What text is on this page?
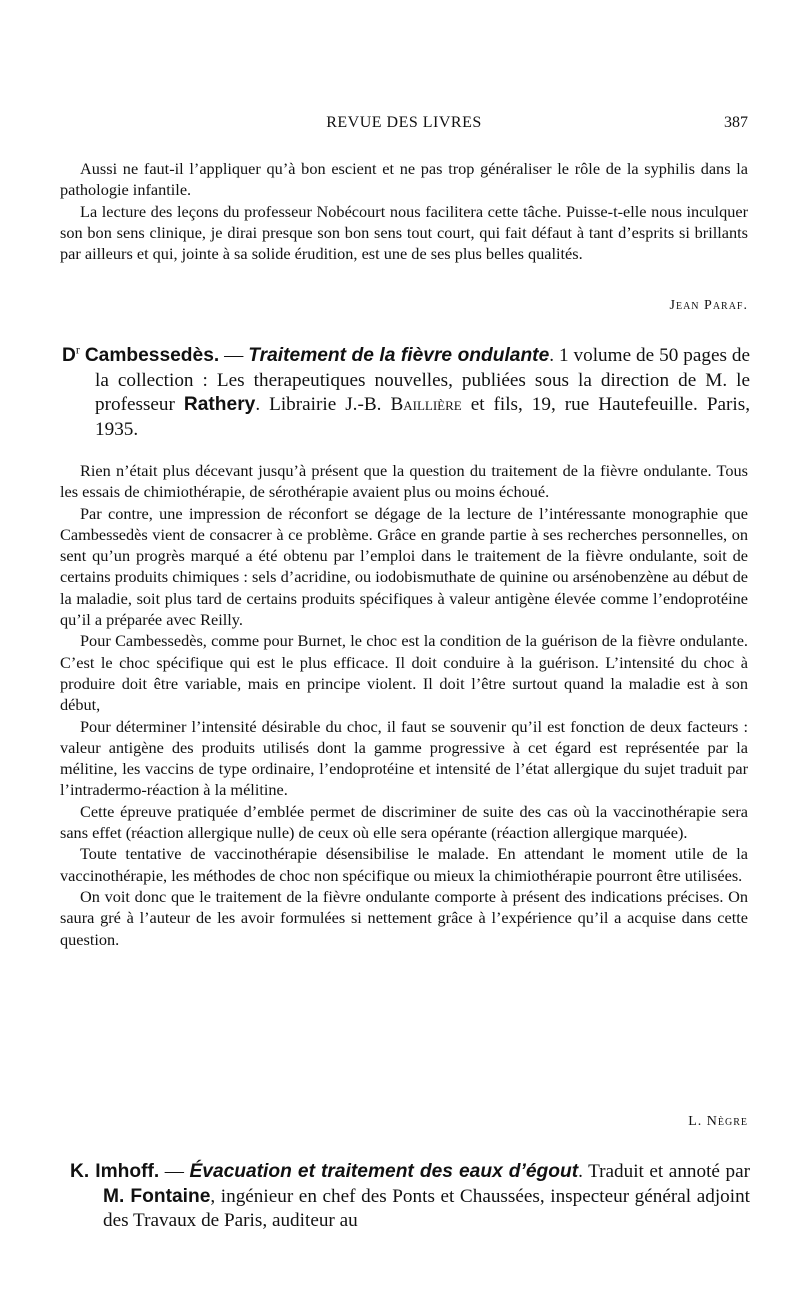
REVUE DES LIVRES	387

Aussi ne faut-il l’appliquer qu’à bon escient et ne pas trop généraliser le rôle de la syphilis dans la pathologie infantile.

La lecture des leçons du professeur Nobécourt nous facilitera cette tâche. Puisse-t-elle nous inculquer son bon sens clinique, je dirai presque son bon sens tout court, qui fait défaut à tant d’esprits si brillants par ailleurs et qui, jointe à sa solide érudition, est une de ses plus belles qualités.

Jean Paraf.

$D^r$ Cambessedès. — Traitement de la fièvre ondulante. 1 volume de 50 pages de la collection : Les therapeutiques nouvelles, publiées sous la direction de M. le professeur Rathery. Librairie J.-B. Baillière et fils, 19, rue Hautefeuille. Paris, 1935.

Rien n’était plus décevant jusqu’à présent que la question du traitement de la fièvre ondulante. Tous les essais de chimiothérapie, de sérothérapie avaient plus ou moins échoué.

Par contre, une impression de réconfort se dégage de la lecture de l’intéressante monographie que Cambessedès vient de consacrer à ce problème. Grâce en grande partie à ses recherches personnelles, on sent qu’un progrès marqué a été obtenu par l’emploi dans le traitement de la fièvre ondulante, soit de certains produits chimiques : sels d’acridine, ou iodobismuthate de quinine ou arsénobenzène au début de la maladie, soit plus tard de certains produits spécifiques à valeur antigène élevée comme l’endoprotéine qu’il a préparée avec Reilly.

Pour Cambessedès, comme pour Burnet, le choc est la condition de la guérison de la fièvre ondulante. C’est le choc spécifique qui est le plus efficace. Il doit conduire à la guérison. L’intensité du choc à produire doit être variable, mais en principe violent. Il doit l’être surtout quand la maladie est à son début,

Pour déterminer l’intensité désirable du choc, il faut se souvenir qu’il est fonction de deux facteurs : valeur antigène des produits utilisés dont la gamme progressive à cet égard est représentée par la mélitine, les vaccins de type ordinaire, l’endoprotéine et intensité de l’état allergique du sujet traduit par l’intradermo-réaction à la mélitine.

Cette épreuve pratiquée d’emblée permet de discriminer de suite des cas où la vaccinothérapie sera sans effet (réaction allergique nulle) de ceux où elle sera opérante (réaction allergique marquée).

Toute tentative de vaccinothérapie désensibilise le malade. En attendant le moment utile de la vaccinothérapie, les méthodes de choc non spécifique ou mieux la chimiothérapie pourront être utilisées.

On voit donc que le traitement de la fièvre ondulante comporte à présent des indications précises. On saura gré à l’auteur de les avoir formulées si nettement grâce à l’expérience qu’il a acquise dans cette question.

L. Nègre

K. Imhoff. — Évacuation et traitement des eaux d’égout. Traduit et annoté par M. Fontaine, ingénieur en chef des Ponts et Chaussées, inspecteur général adjoint des Travaux de Paris, auditeur au
